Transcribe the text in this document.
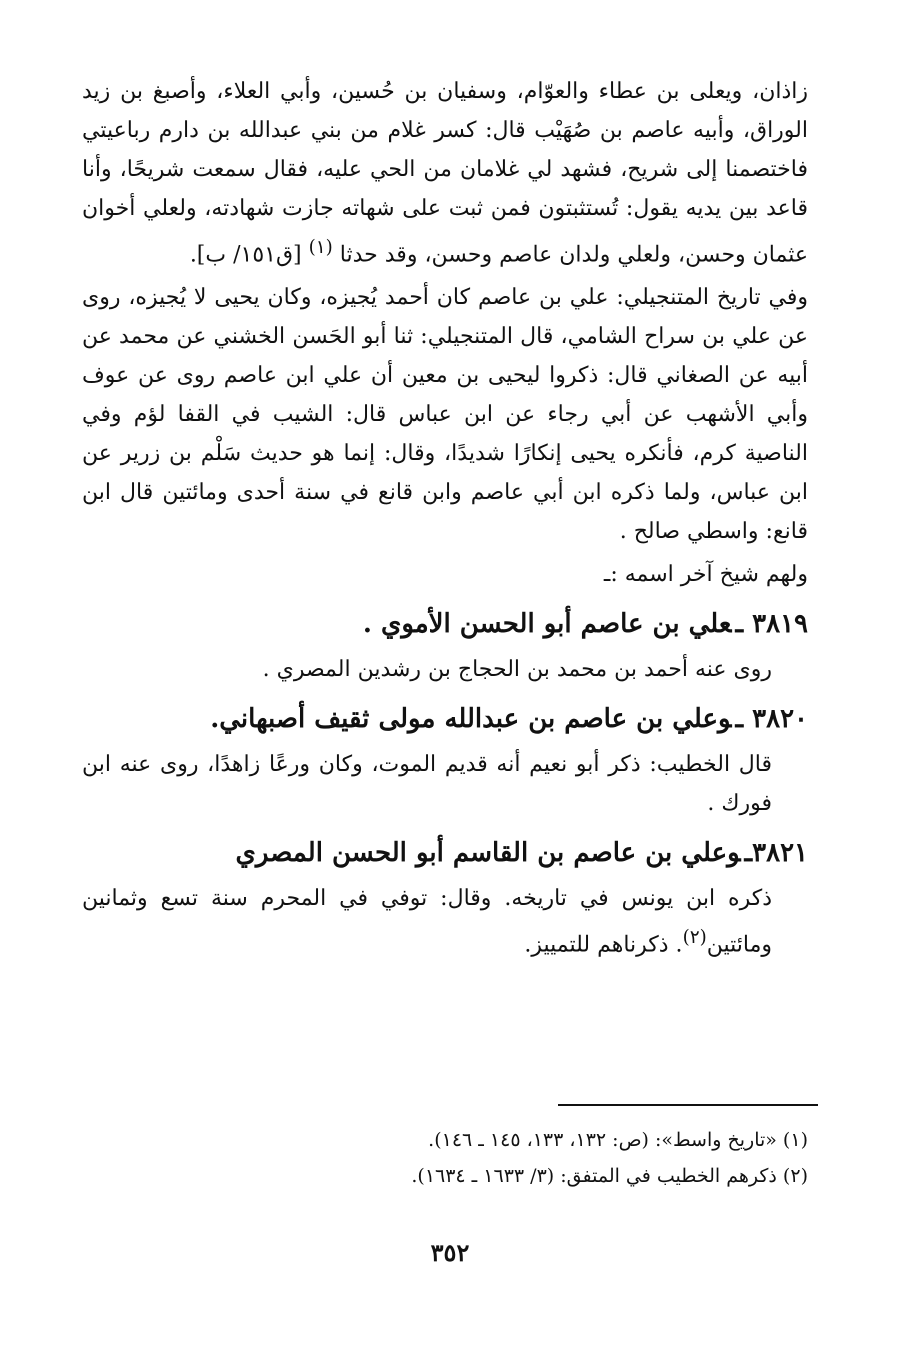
زاذان، ويعلى بن عطاء والعوّام، وسفيان بن حُسين، وأبي العلاء، وأصبغ بن زيد الوراق، وأبيه عاصم بن صُهَيْب قال: كسر غلام من بني عبدالله بن دارم رباعيتي فاختصمنا إلى شريح، فشهد لي غلامان من الحي عليه، فقال سمعت شريحًا، وأنا قاعد بين يديه يقول: تُستثبتون فمن ثبت على شهاته جازت شهادته، ولعلي أخوان عثمان وحسن، ولعلي ولدان عاصم وحسن، وقد حدثا $^{(١)}$ [ق١٥١/ ب].

وفي تاريخ المتنجيلي: علي بن عاصم كان أحمد يُجيزه، وكان يحيى لا يُجيزه، روى عن علي بن سراح الشامي، قال المتنجيلي: ثنا أبو الحَسن الخشني عن محمد عن أبيه عن الصغاني قال: ذكروا ليحيى بن معين أن علي ابن عاصم روى عن عوف وأبي الأشهب عن أبي رجاء عن ابن عباس قال: الشيب في القفا لؤم وفي الناصية كرم، فأنكره يحيى إنكارًا شديدًا، وقال: إنما هو حديث سَلْم بن زرير عن ابن عباس، ولما ذكره ابن أبي عاصم وابن قانع في سنة أحدى ومائتين قال ابن قانع: واسطي صالح .

ولهم شيخ آخر اسمه :ـ

٣٨١٩ ـعلي بن عاصم أبو الحسن الأموي .

روى عنه أحمد بن محمد بن الحجاج بن رشدين المصري .

٣٨٢٠ ـوعلي بن عاصم بن عبدالله مولى ثقيف أصبهاني.

قال الخطيب: ذكر أبو نعيم أنه قديم الموت، وكان ورعًا زاهدًا، روى عنه ابن فورك .

٣٨٢١ـوعلي بن عاصم بن القاسم أبو الحسن المصري

ذكره ابن يونس في تاريخه. وقال: توفي في المحرم سنة تسع وثمانين ومائتين$^{(٢)}$. ذكرناهم للتمييز.

(١) «تاريخ واسط»: (ص: ١٣٢، ١٣٣، ١٤٥ ـ ١٤٦).
(٢) ذكرهم الخطيب في المتفق: (٣/ ١٦٣٣ ـ ١٦٣٤).
٣٥٢
